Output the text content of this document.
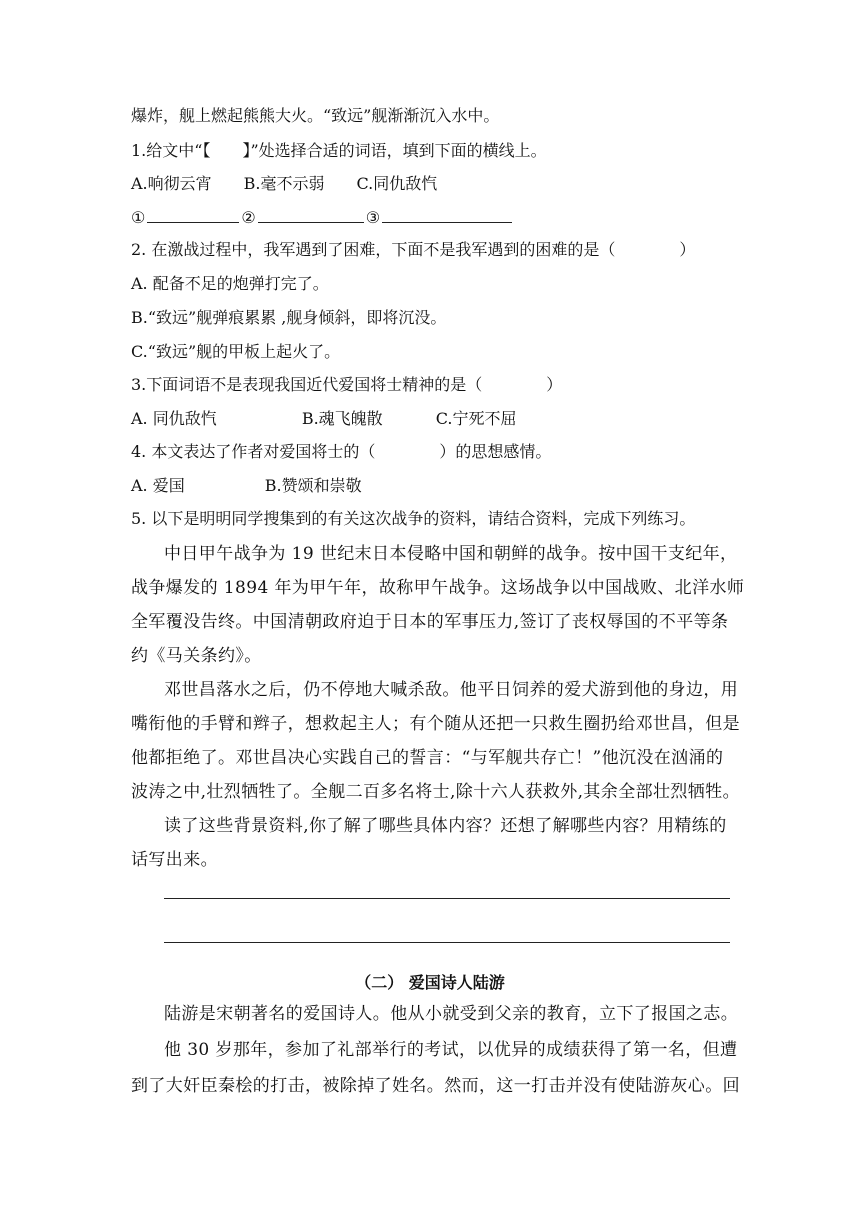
爆炸，舰上燃起熊熊大火。“致远”舰渐渐沉入水中。
1.给文中“【　　】”处选择合适的词语，填到下面的横线上。
A.响彻云宵　　B.毫不示弱　　C.同仇敌忾
①	②	③
2. 在激战过程中，我军遇到了困难，下面不是我军遇到的困难的是（　　　　）
A. 配备不足的炮弹打完了。
B.“致远”舰弹痕累累 ,舰身倾斜，即将沉没。
C.“致远”舰的甲板上起火了。
3.下面词语不是表现我国近代爱国将士精神的是（　　　　）
A. 同仇敌忾　　　　　 B.魂飞魄散　　　 C.宁死不屈
4. 本文表达了作者对爱国将士的（　　　　）的思想感情。
A. 爱国　　　　　B.赞颂和崇敬
5. 以下是明明同学搜集到的有关这次战争的资料，请结合资料，完成下列练习。
中日甲午战争为 19 世纪末日本侵略中国和朝鲜的战争。按中国干支纪年，
战争爆发的 1894 年为甲午年，故称甲午战争。这场战争以中国战败、北洋水师
全军覆没告终。中国清朝政府迫于日本的军事压力,签订了丧权辱国的不平等条
约《马关条约》。
邓世昌落水之后，仍不停地大喊杀敌。他平日饲养的爱犬游到他的身边，用
嘴衔他的手臂和辫子，想救起主人；有个随从还把一只救生圈扔给邓世昌，但是
他都拒绝了。邓世昌决心实践自己的誓言：“与军舰共存亡！”他沉没在汹涌的
波涛之中,壮烈牺牲了。全舰二百多名将士,除十六人获救外,其余全部壮烈牺牲。
读了这些背景资料,你了解了哪些具体内容？还想了解哪些内容？用精练的
话写出来。
（二） 爱国诗人陆游
陆游是宋朝著名的爱国诗人。他从小就受到父亲的教育，立下了报国之志。
他 30 岁那年，参加了礼部举行的考试，以优异的成绩获得了第一名，但遭
到了大奸臣秦桧的打击，被除掉了姓名。然而，这一打击并没有使陆游灰心。回
